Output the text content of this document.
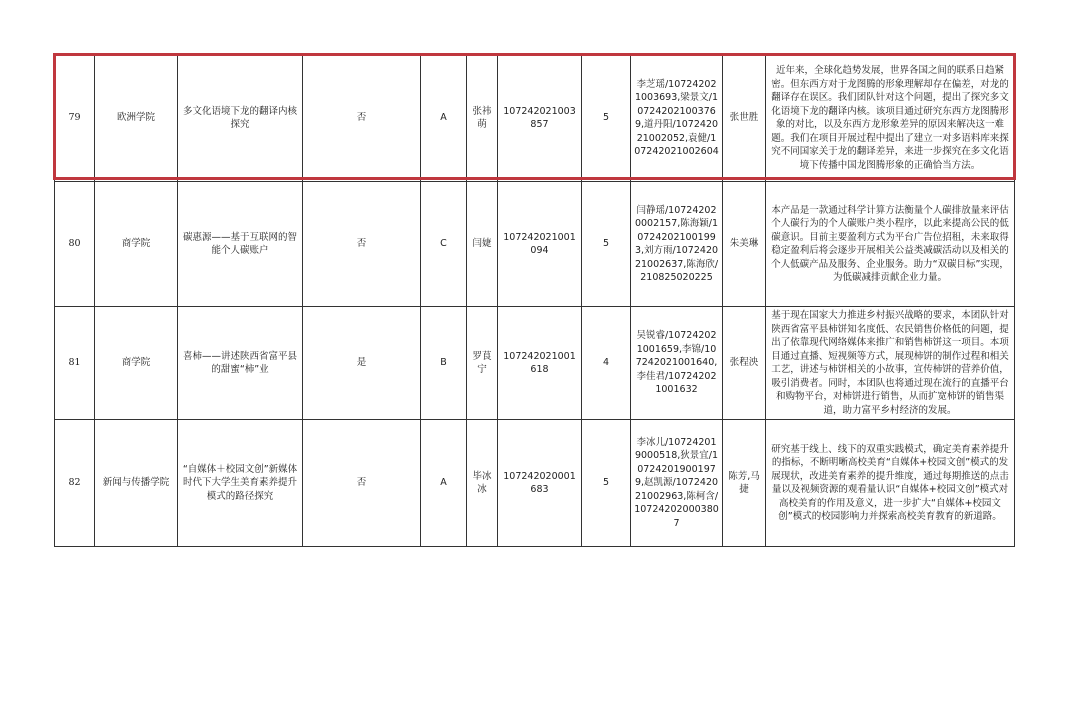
79	欧洲学院	多文化语境下龙的翻译内核探究	否	A	张祎萌	107242021003857	5	李芝瑶/107242021003693,梁景文/107242021003769,道丹阳/107242021002052,袁健/107242021002604	张世胜	近年来，全球化趋势发展，世界各国之间的联系日趋紧密。但东西方对于龙图腾的形象理解却存在偏差，对龙的翻译存在误区。我们团队针对这个问题，提出了探究多文化语境下龙的翻译内核。该项目通过研究东西方龙图腾形象的对比，以及东西方龙形象差异的原因来解决这一难题。我们在项目开展过程中提出了建立一对多语料库来探究不同国家关于龙的翻译差异，来进一步探究在多文化语境下传播中国龙图腾形象的正确恰当方法。
80	商学院	碳惠源——基于互联网的智能个人碳账户	否	C	闫婕	107242021001094	5	闫静瑶/107242020002157,陈海颖/107242021001993,刘方雨/107242021002637,陈海欣/210825020225	朱美琳	本产品是一款通过科学计算方法衡量个人碳排放量来评估个人碳行为的个人碳账户类小程序，以此来提高公民的低碳意识。目前主要盈利方式为平台广告位招租，未来取得稳定盈利后将会逐步开展相关公益类减碳活动以及相关的个人低碳产品及服务、企业服务。助力“双碳目标”实现，为低碳减排贡献企业力量。
81	商学院	喜柿——讲述陕西省富平县的甜蜜“柿”业	是	B	罗茛宁	107242021001618	4	吴锐睿/107242021001659,李锦/107242021001640,李佳君/107242021001632	张程泱	基于现在国家大力推进乡村振兴战略的要求，本团队针对陕西省富平县柿饼知名度低、农民销售价格低的问题，提出了依靠现代网络媒体来推广和销售柿饼这一项目。本项目通过直播、短视频等方式，展现柿饼的制作过程和相关工艺，讲述与柿饼相关的小故事，宣传柿饼的营养价值，吸引消费者。同时，本团队也将通过现在流行的直播平台和购物平台，对柿饼进行销售，从而扩宽柿饼的销售渠道，助力富平乡村经济的发展。
82	新闻与传播学院	“自媒体＋校园文创”新媒体时代下大学生美育素养提升模式的路径探究	否	A	毕冰冰	107242020001683	5	李冰儿/107242019000518,狄景宜/107242019001979,赵凯源/107242021002963,陈柯含/107242020003807	陈芳,马捷	研究基于线上、线下的双重实践模式，确定美育素养提升的指标，不断明晰高校美育“自媒体+校园文创”模式的发展现状，改进美育素养的提升维度，通过每期推送的点击量以及视频资源的观看量认识“自媒体+校园文创”模式对高校美育的作用及意义，进一步扩大“自媒体+校园文创”模式的校园影响力并探索高校美育教育的新道路。
